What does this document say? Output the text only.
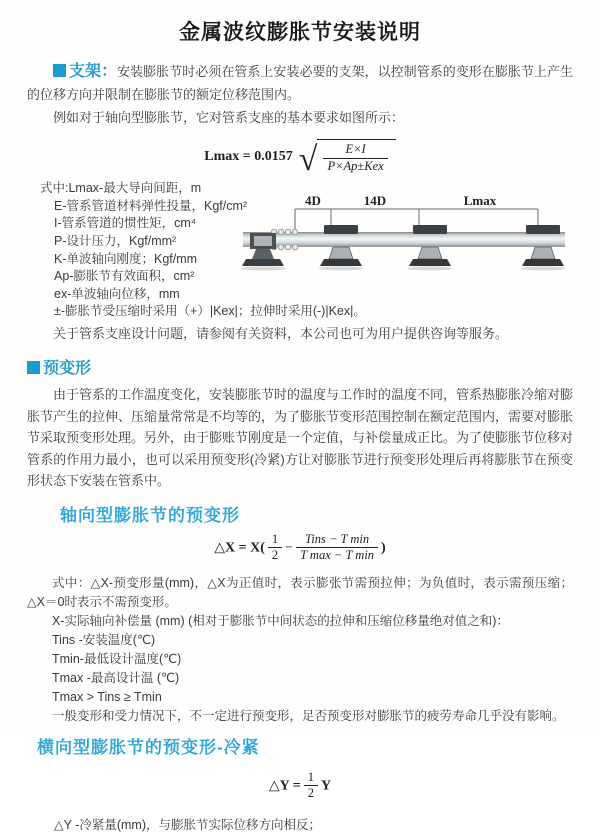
金属波纹膨胀节安装说明

支架：安装膨胀节时必须在管系上安装必要的支架，以控制管系的变形在膨胀节上产生的位移方向并限制在膨胀节的额定位移范围内。

例如对于轴向型膨胀节，它对管系支座的基本要求如图所示：

Lmax = 0.0157 √ $\frac{E\times I}{\text{P×Ap±Kex}}$
式中:Lmax-最大导向间距，m
E-管系管道材料弹性投量，Kgf/cm²
I-管系管道的惯性矩，cm⁴
P-设计压力，Kgf/mm²
K-单波轴向刚度；Kgf/mm
Ap-膨胀节有效面积，cm²
ex-单波轴向位移，mm
±-膨胀节受压缩时采用（+）|Kex|；拉伸时采用(-)|Kex|。
4D	14D	Lmax

关于管系支座设计问题，请参阅有关资料，本公司也可为用户提供咨询等服务。

预变形

由于管系的工作温度变化，安装膨胀节时的温度与工作时的温度不同，管系热膨胀冷缩对膨胀节产生的拉伸、压缩量常常是不均等的，为了膨胀节变形范围控制在额定范围内，需要对膨胀节采取预变形处理。另外，由于膨账节刚度是一个定值，与补偿量成正比。为了使膨胀节位移对管系的作用力最小，也可以采用预变形(冷紧)方让对膨胀节进行预变形处理后再将膨胀节在预变形状态下安装在管系中。

轴向型膨胀节的预变形
△X = $X( \frac{1}{2} - \frac{\text{Tins − T min}}{\text{T max − T min}}$ )

式中：△X-预变形量(mm)，△X为正值时，表示膨张节需预拉伸；为负值时，表示需预压缩；△X＝0时表示不需预变形。

X-实际轴向补偿量 (mm) (相对于膨胀节中间状态的拉伸和压缩位移量绝对值之和)：

Tins -安装温度(℃)

Tmin-最低设计温度(℃)

Tmax -最高设计温 (℃)

Tmax > Tins ≥ Tmin

一般变形和受力情况下，不一定进行预变形，足否预变形对膨胀节的疲劳寿命几乎没有影响。

横向型膨胀节的预变形-冷紧
△Y = $\frac{1}{2}$ Y

△Y -冷紧量(mm)，与膨胀节实际位移方向相反；
